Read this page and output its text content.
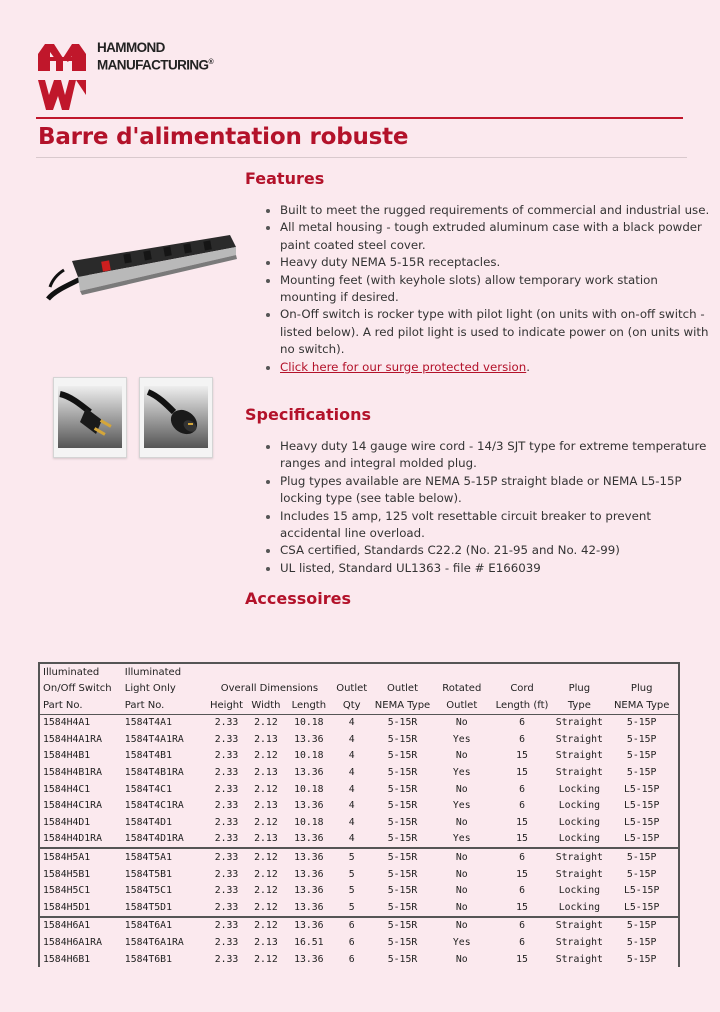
HAMMOND
MANUFACTURING®
Barre d'alimentation robuste
Features
• Built to meet the rugged requirements of commercial and industrial use.
• All metal housing - tough extruded aluminum case with a black powder paint coated steel cover.
• Heavy duty NEMA 5-15R receptacles.
• Mounting feet (with keyhole slots) allow temporary work station mounting if desired.
• On-Off switch is rocker type with pilot light (on units with on-off switch - listed below). A red pilot light is used to indicate power on (on units with no switch).
• Click here for our surge protected version.
Specifications
• Heavy duty 14 gauge wire cord - 14/3 SJT type for extreme temperature ranges and integral molded plug.
• Plug types available are NEMA 5-15P straight blade or NEMA L5-15P locking type (see table below).
• Includes 15 amp, 125 volt resettable circuit breaker to prevent accidental line overload.
• CSA certified, Standards C22.2 (No. 21-95 and No. 42-99)
• UL listed, Standard UL1363 - file # E166039
Accessoires
Illuminated	Illuminated									
On/Off Switch	Light Only	Overall Dimensions			Outlet	Outlet	Rotated	Cord	Plug	Plug
Part No.	Part No.	Height	Width	Length	Qty	NEMA Type	Outlet	Length (ft)	Type	NEMA Type
1584H4A1	1584T4A1	2.33	2.12	10.18	4	5-15R	No	6	Straight	5-15P
1584H4A1RA	1584T4A1RA	2.33	2.13	13.36	4	5-15R	Yes	6	Straight	5-15P
1584H4B1	1584T4B1	2.33	2.12	10.18	4	5-15R	No	15	Straight	5-15P
1584H4B1RA	1584T4B1RA	2.33	2.13	13.36	4	5-15R	Yes	15	Straight	5-15P
1584H4C1	1584T4C1	2.33	2.12	10.18	4	5-15R	No	6	Locking	L5-15P
1584H4C1RA	1584T4C1RA	2.33	2.13	13.36	4	5-15R	Yes	6	Locking	L5-15P
1584H4D1	1584T4D1	2.33	2.12	10.18	4	5-15R	No	15	Locking	L5-15P
1584H4D1RA	1584T4D1RA	2.33	2.13	13.36	4	5-15R	Yes	15	Locking	L5-15P
1584H5A1	1584T5A1	2.33	2.12	13.36	5	5-15R	No	6	Straight	5-15P
1584H5B1	1584T5B1	2.33	2.12	13.36	5	5-15R	No	15	Straight	5-15P
1584H5C1	1584T5C1	2.33	2.12	13.36	5	5-15R	No	6	Locking	L5-15P
1584H5D1	1584T5D1	2.33	2.12	13.36	5	5-15R	No	15	Locking	L5-15P
1584H6A1	1584T6A1	2.33	2.12	13.36	6	5-15R	No	6	Straight	5-15P
1584H6A1RA	1584T6A1RA	2.33	2.13	16.51	6	5-15R	Yes	6	Straight	5-15P
1584H6B1	1584T6B1	2.33	2.12	13.36	6	5-15R	No	15	Straight	5-15P
